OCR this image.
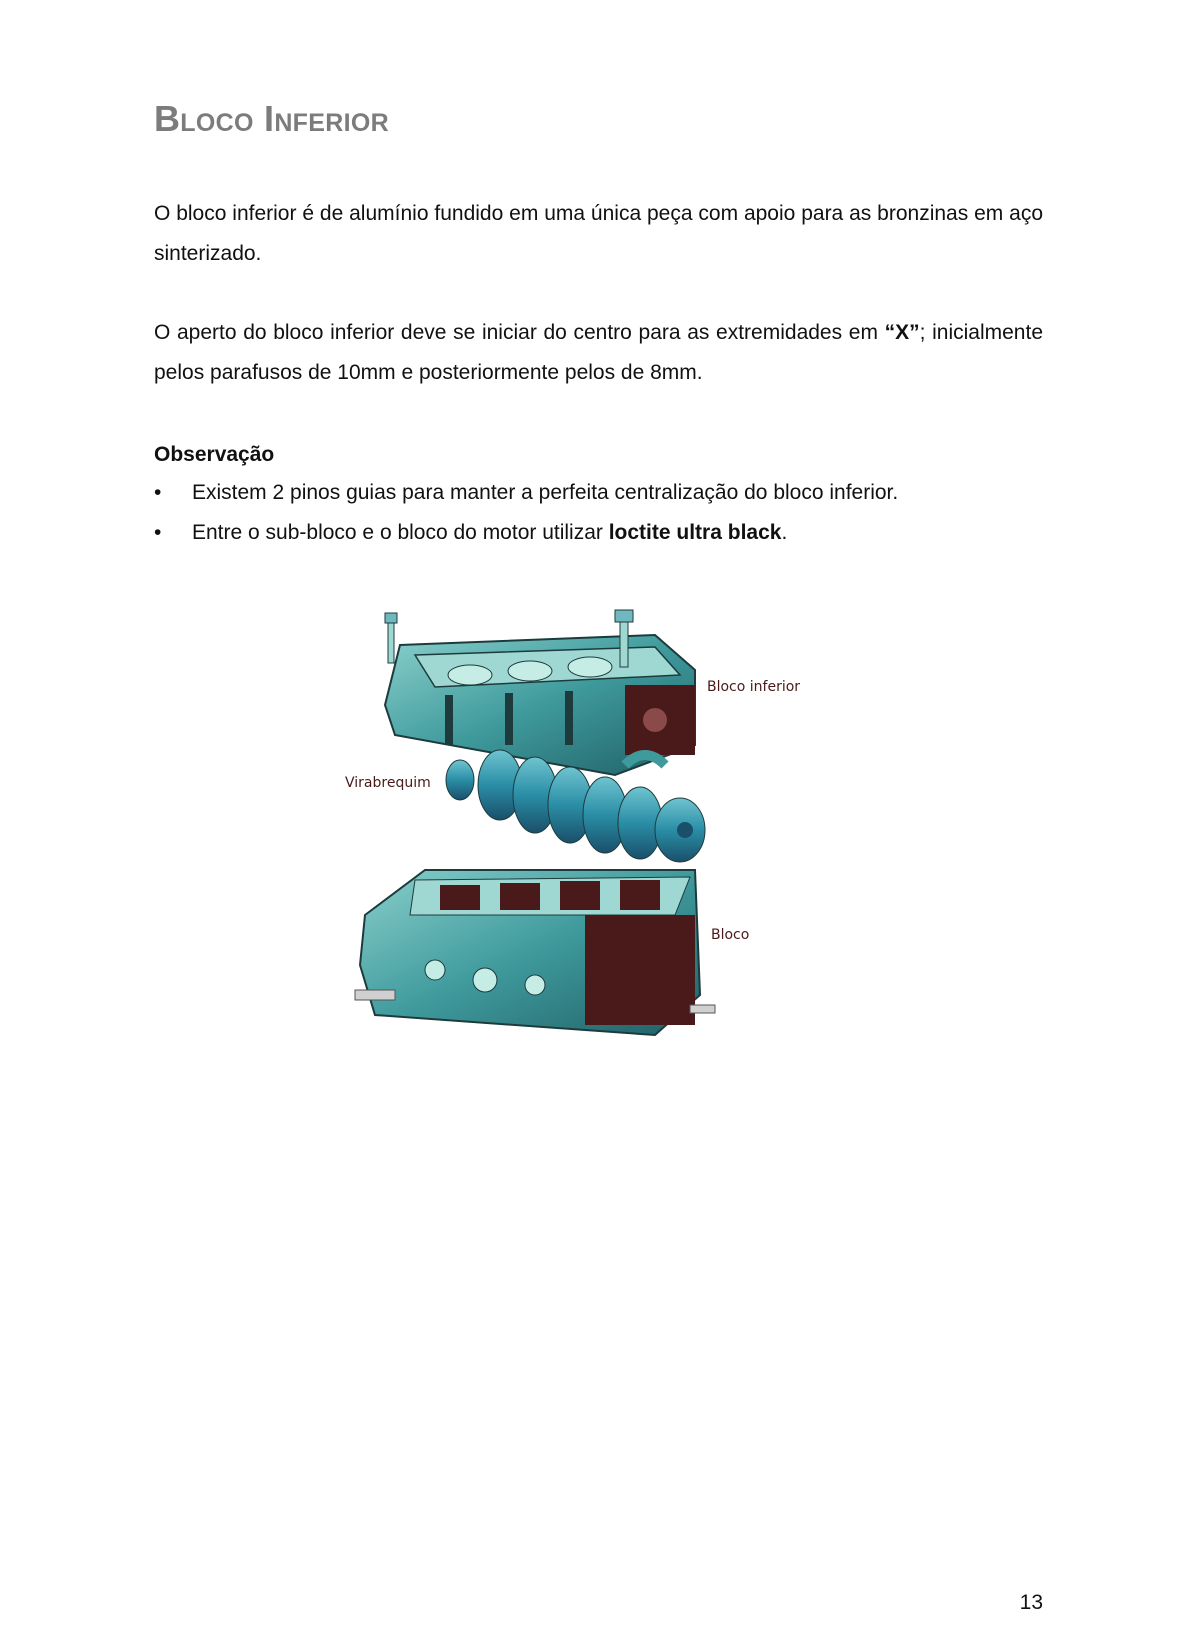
Bloco Inferior

O bloco inferior é de alumínio fundido em uma única peça com apoio para as bronzinas em aço sinterizado.

O aperto do bloco inferior deve se iniciar do centro para as extremidades em “X”; inicialmente pelos parafusos de 10mm e posteriormente pelos de 8mm.

Observação

• Existem 2 pinos guias para manter a perfeita centralização do bloco inferior.
• Entre o sub-bloco e o bloco do motor utilizar loctite ultra black.
Bloco inferior
Virabrequim
Bloco
13
